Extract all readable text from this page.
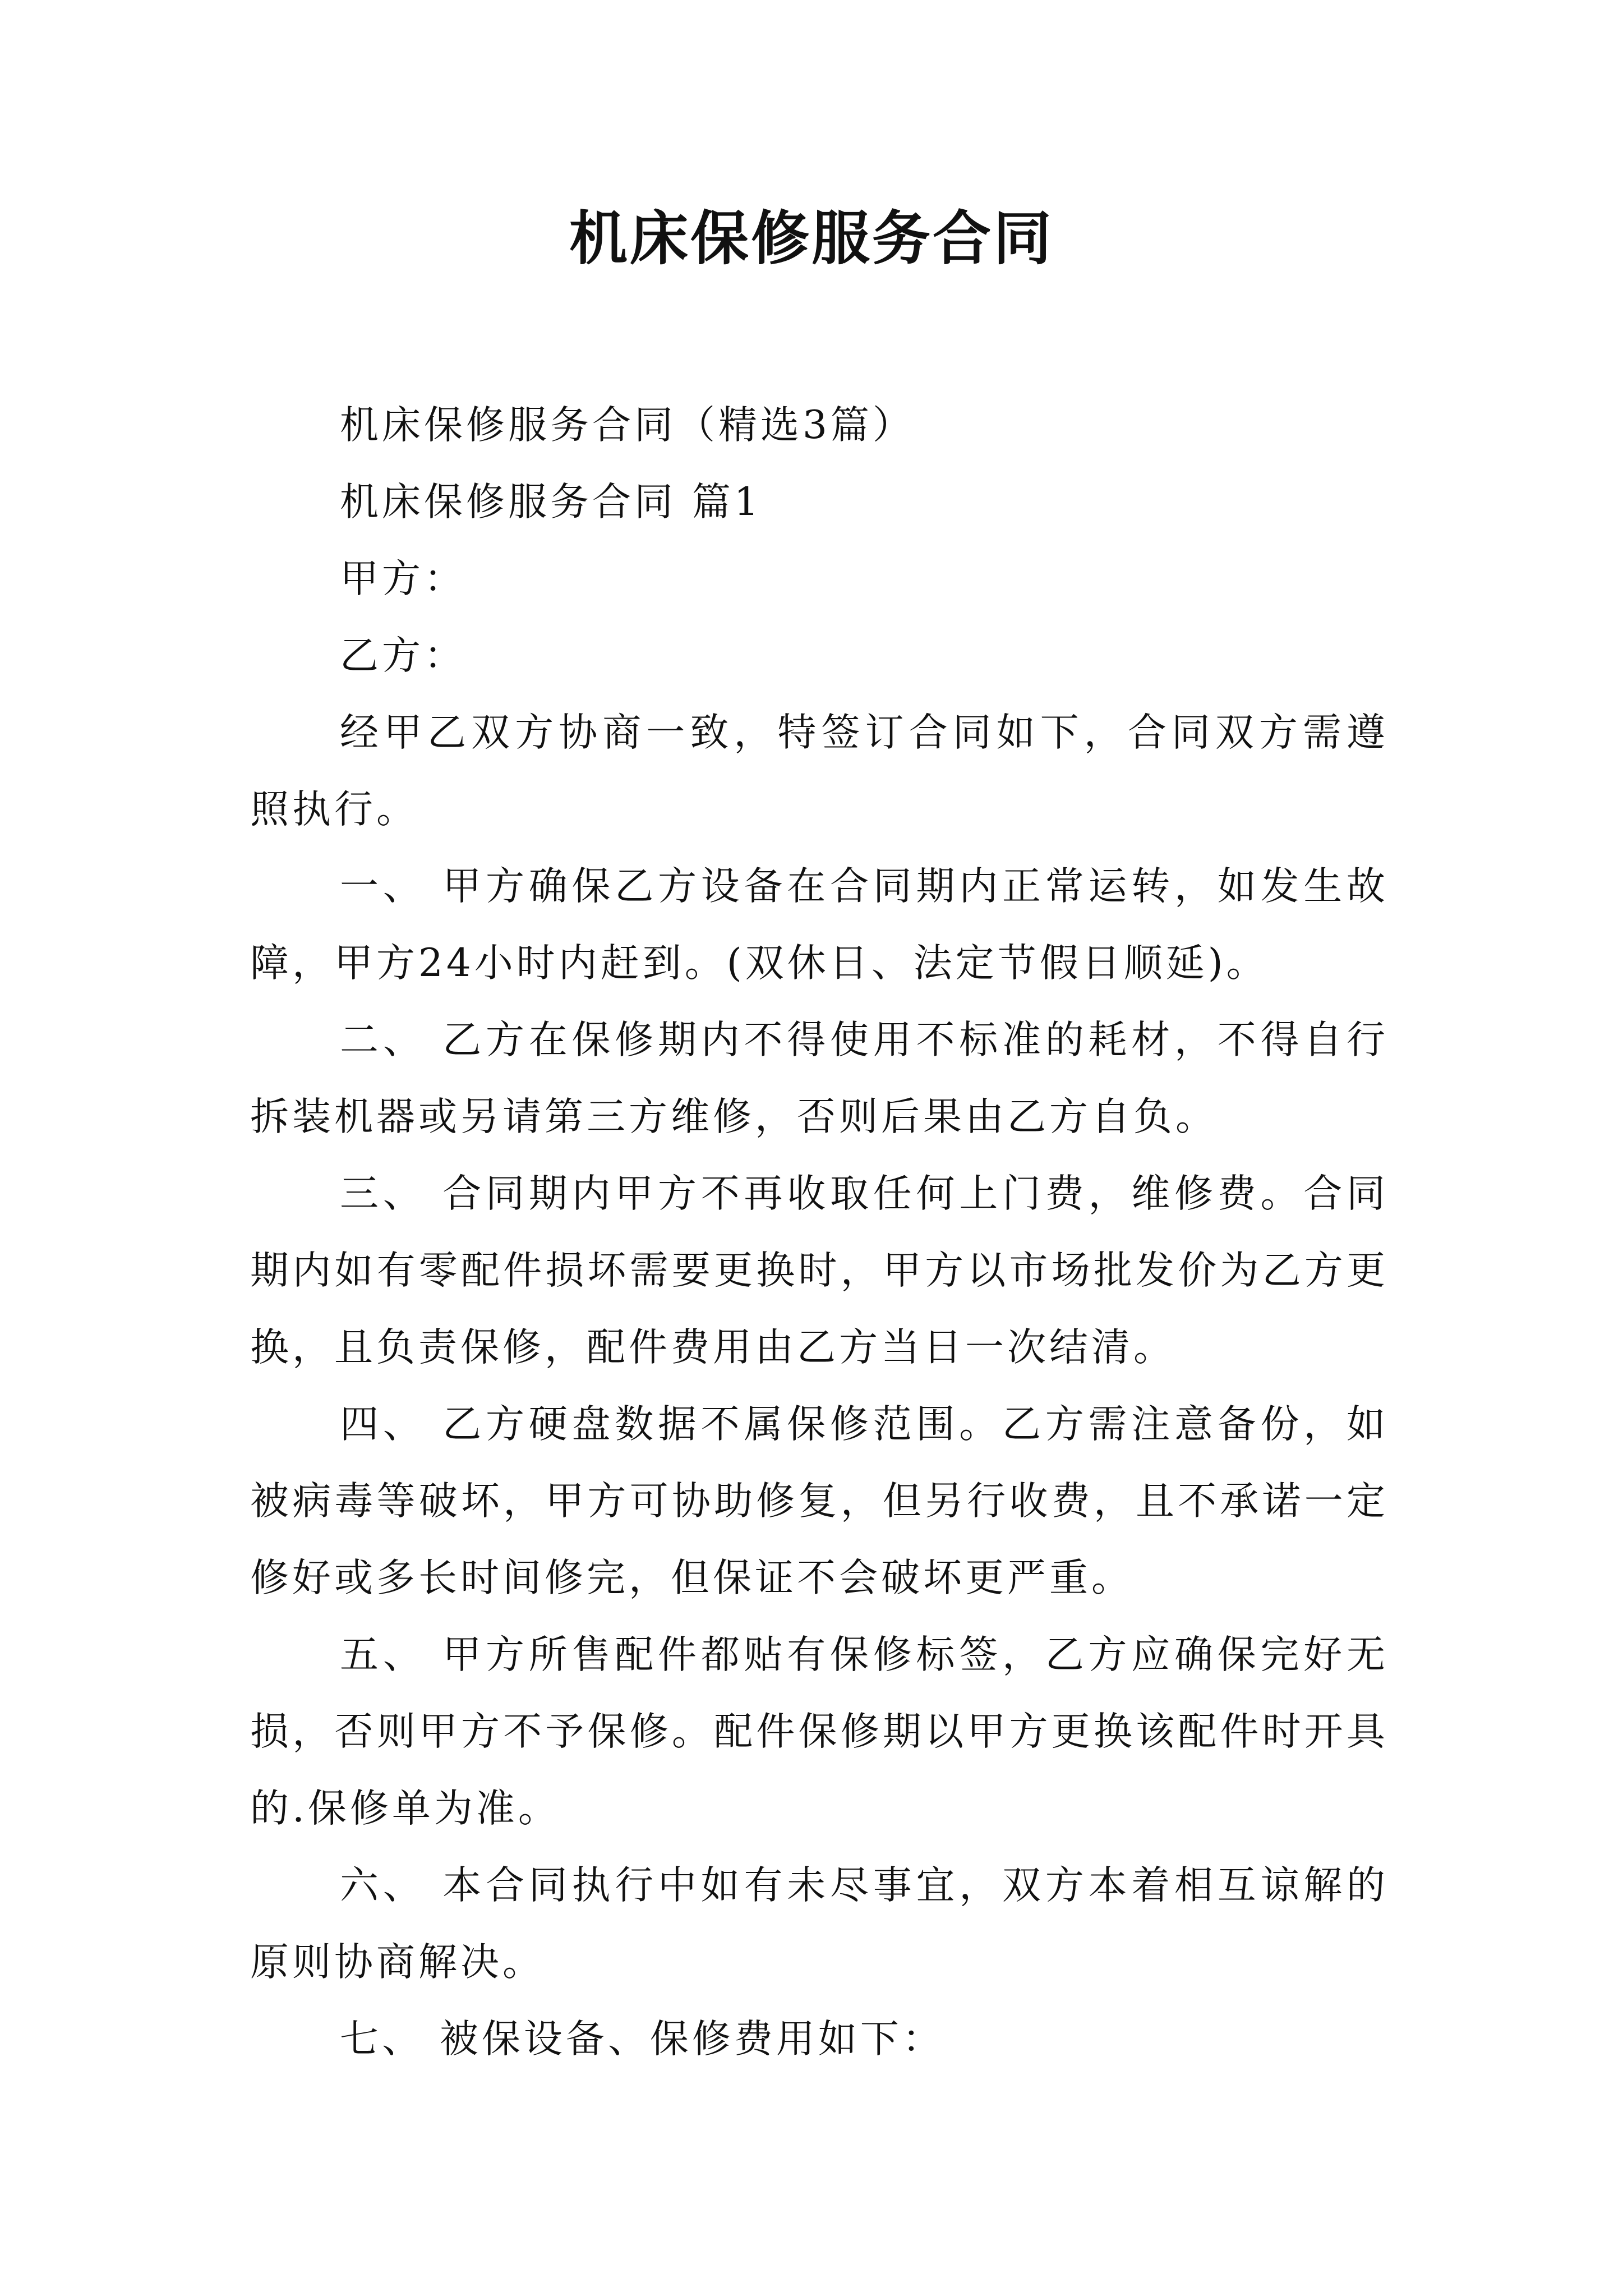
机床保修服务合同

机床保修服务合同（精选3篇）

机床保修服务合同 篇1

甲方：

乙方：

经甲乙双方协商一致，特签订合同如下，合同双方需遵照执行。

一、 甲方确保乙方设备在合同期内正常运转，如发生故障，甲方24小时内赶到。(双休日、法定节假日顺延)。

二、 乙方在保修期内不得使用不标准的耗材，不得自行拆装机器或另请第三方维修，否则后果由乙方自负。

三、 合同期内甲方不再收取任何上门费，维修费。合同期内如有零配件损坏需要更换时，甲方以市场批发价为乙方更换，且负责保修，配件费用由乙方当日一次结清。

四、 乙方硬盘数据不属保修范围。乙方需注意备份，如被病毒等破坏，甲方可协助修复，但另行收费，且不承诺一定修好或多长时间修完，但保证不会破坏更严重。

五、 甲方所售配件都贴有保修标签，乙方应确保完好无损，否则甲方不予保修。配件保修期以甲方更换该配件时开具的.保修单为准。

六、 本合同执行中如有未尽事宜，双方本着相互谅解的原则协商解决。

七、 被保设备、保修费用如下：
